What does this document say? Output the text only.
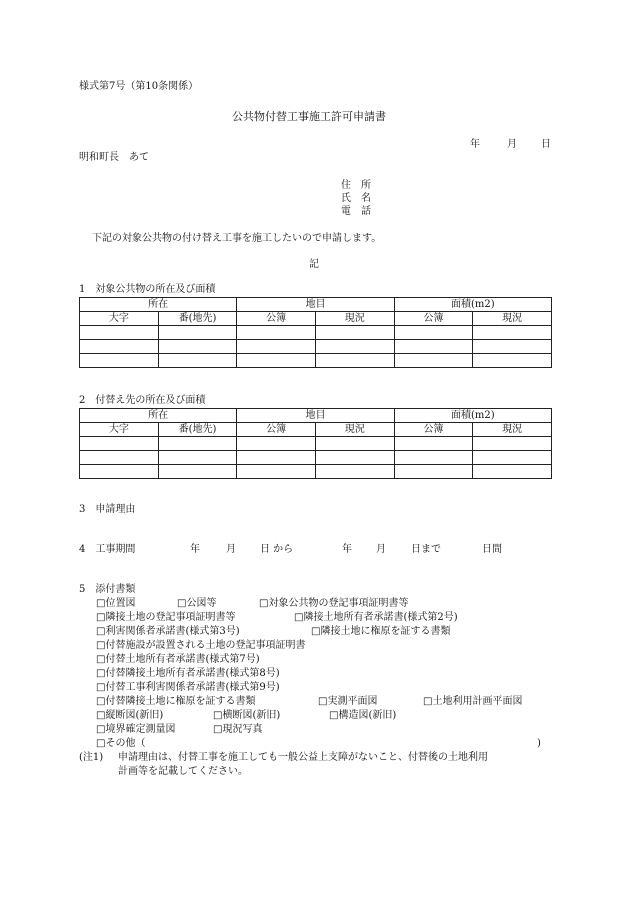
様式第7号（第10条関係）
公共物付替工事施工許可申請書
年	月 日
明和町長　あて
住　所
氏　名
電　話
下記の対象公共物の付け替え工事を施工したいので申請します。
記
1　対象公共物の所在及び面積
所在		地目		面積(m2)	
大字	番(地先)	公簿	現況	公簿	現況

2　付替え先の所在及び面積
所在		地目		面積(m2)	
大字	番(地先)	公簿	現況	公簿	現況

3　申請理由
4　工事期間	年	月 日 から	年 月	日まで	日間
5　添付書類
□位置図	□公図等	□対象公共物の登記事項証明書等
□隣接土地の登記事項証明書等	□隣接土地所有者承諾書(様式第2号)
□利害関係者承諾書(様式第3号)	□隣接土地に権原を証する書類
□付替施設が設置される土地の登記事項証明書
□付替土地所有者承諾書(様式第7号)
□付替隣接土地所有者承諾書(様式第8号)
□付替工事利害関係者承諾書(様式第9号)
□付替隣接土地に権原を証する書類	□実測平面図	□土地利用計画平面図
□縦断図(新旧)	□横断図(新旧)	□構造図(新旧)
□境界確定測量図	□現況写真
□その他（	)
(注1) 申請理由は、付替工事を施工しても一般公益上支障がないこと、付替後の土地利用
計画等を記載してください。
